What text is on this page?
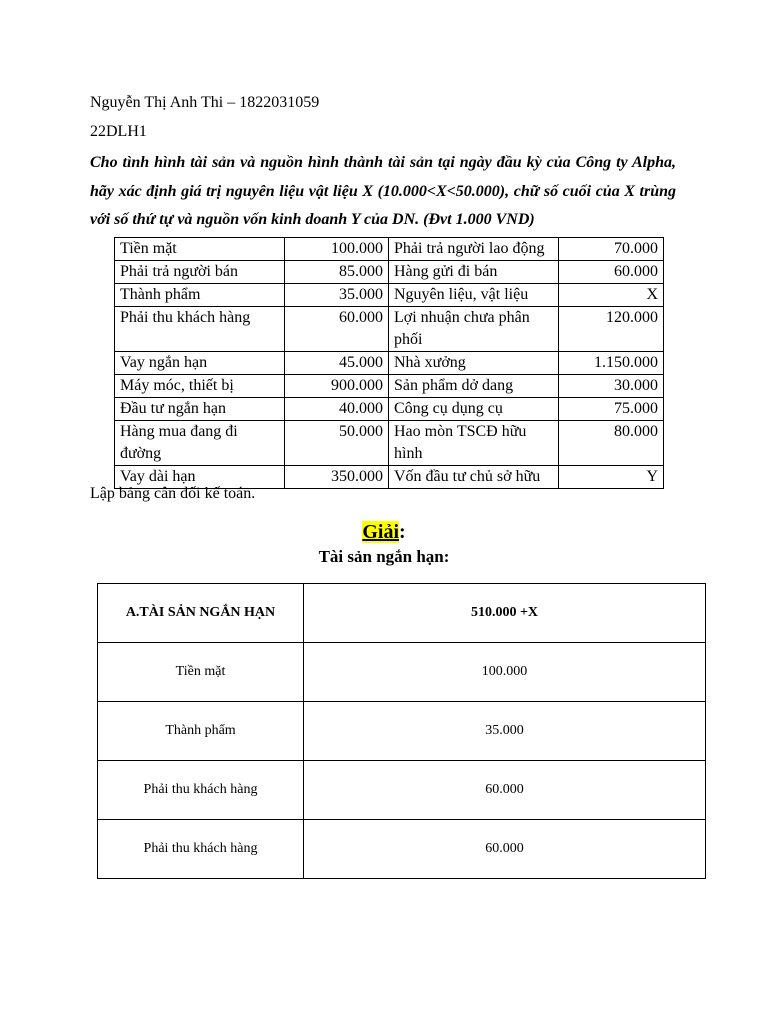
Nguyễn Thị Anh Thi – 1822031059
22DLH1

Cho tình hình tài sản và nguồn hình thành tài sản tại ngày đầu kỳ của Công ty Alpha, hãy xác định giá trị nguyên liệu vật liệu X (10.000<X<50.000), chữ số cuối của X trùng với số thứ tự và nguồn vốn kinh doanh Y của DN. (Đvt 1.000 VND)

Tiền mặt	100.000	Phải trả người lao động	70.000
Phải trả người bán	85.000	Hàng gửi đi bán	60.000
Thành phẩm	35.000	Nguyên liệu, vật liệu	X
Phải thu khách hàng	60.000	Lợi nhuận chưa phân phối	120.000
Vay ngắn hạn	45.000	Nhà xưởng	1.150.000
Máy móc, thiết bị	900.000	Sản phẩm dở dang	30.000
Đầu tư ngắn hạn	40.000	Công cụ dụng cụ	75.000
Hàng mua đang đi đường	50.000	Hao mòn TSCĐ hữu hình	80.000
Vay dài hạn	350.000	Vốn đầu tư chủ sở hữu	Y
Lập bảng cân đối kế toán.
Giải:
Tài sản ngắn hạn:
A.TÀI SẢN NGẮN HẠN	510.000 +X
Tiền mặt	100.000
Thành phẩm	35.000
Phải thu khách hàng	60.000
Phải thu khách hàng	60.000
